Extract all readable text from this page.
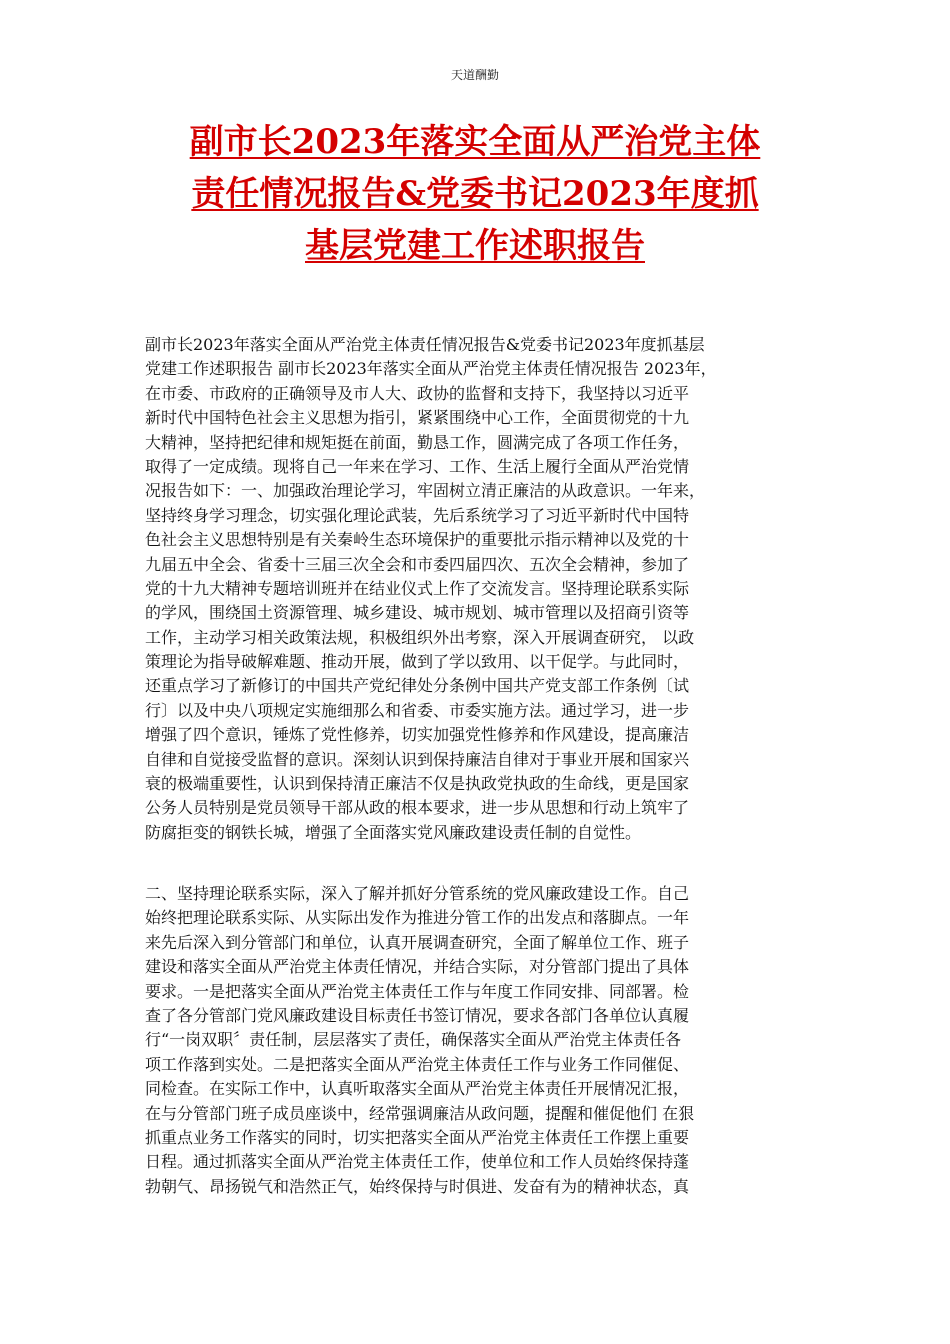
天道酬勤
副市长2023年落实全面从严治党主体
责任情况报告&党委书记2023年度抓
基层党建工作述职报告
副市长2023年落实全面从严治党主体责任情况报告&党委书记2023年度抓基层
党建工作述职报告 副市长2023年落实全面从严治党主体责任情况报告 2023年，
在市委、市政府的正确领导及市人大、政协的监督和支持下，我坚持以习近平
新时代中国特色社会主义思想为指引，紧紧围绕中心工作，全面贯彻党的十九
大精神，坚持把纪律和规矩挺在前面，勤恳工作，圆满完成了各项工作任务，
取得了一定成绩。现将自己一年来在学习、工作、生活上履行全面从严治党情
况报告如下：一、加强政治理论学习，牢固树立清正廉洁的从政意识。一年来，
坚持终身学习理念，切实强化理论武装，先后系统学习了习近平新时代中国特
色社会主义思想特别是有关秦岭生态环境保护的重要批示指示精神以及党的十
九届五中全会、省委十三届三次全会和市委四届四次、五次全会精神，参加了
党的十九大精神专题培训班并在结业仪式上作了交流发言。坚持理论联系实际
的学风，围绕国土资源管理、城乡建设、城市规划、城市管理以及招商引资等
工作，主动学习相关政策法规，积极组织外出考察，深入开展调查研究， 以政
策理论为指导破解难题、推动开展，做到了学以致用、以干促学。与此同时，
还重点学习了新修订的中国共产党纪律处分条例中国共产党支部工作条例〔试
行〕以及中央八项规定实施细那么和省委、市委实施方法。通过学习，进一步
增强了四个意识，锤炼了党性修养，切实加强党性修养和作风建设，提高廉洁
自律和自觉接受监督的意识。深刻认识到保持廉洁自律对于事业开展和国家兴
衰的极端重要性，认识到保持清正廉洁不仅是执政党执政的生命线，更是国家
公务人员特别是党员领导干部从政的根本要求，进一步从思想和行动上筑牢了
防腐拒变的钢铁长城，增强了全面落实党风廉政建设责任制的自觉性。
二、坚持理论联系实际，深入了解并抓好分管系统的党风廉政建设工作。自己
始终把理论联系实际、从实际出发作为推进分管工作的出发点和落脚点。一年
来先后深入到分管部门和单位，认真开展调查研究，全面了解单位工作、班子
建设和落实全面从严治党主体责任情况，并结合实际，对分管部门提出了具体
要求。一是把落实全面从严治党主体责任工作与年度工作同安排、同部署。检
查了各分管部门党风廉政建设目标责任书签订情况，要求各部门各单位认真履
行“一岗双职〞责任制，层层落实了责任，确保落实全面从严治党主体责任各
项工作落到实处。二是把落实全面从严治党主体责任工作与业务工作同催促、
同检查。在实际工作中，认真听取落实全面从严治党主体责任开展情况汇报，
在与分管部门班子成员座谈中，经常强调廉洁从政问题，提醒和催促他们 在狠
抓重点业务工作落实的同时，切实把落实全面从严治党主体责任工作摆上重要
日程。通过抓落实全面从严治党主体责任工作，使单位和工作人员始终保持蓬
勃朝气、昂扬锐气和浩然正气，始终保持与时俱进、发奋有为的精神状态，真
